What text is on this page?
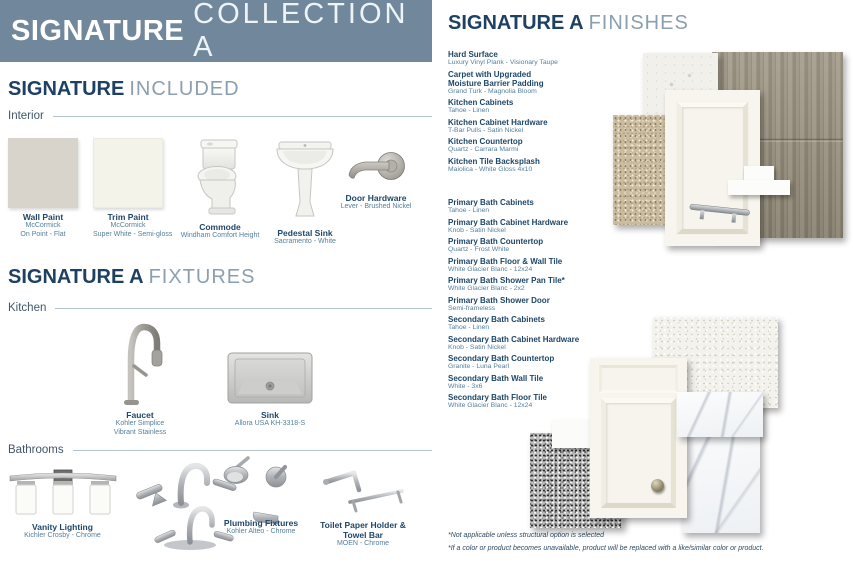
SIGNATURE
COLLECTION A
SIGNATURE INCLUDED
Interior
Wall Paint
McCormick
On Point - Flat
Trim Paint
McCormick
Super White - Semi-gloss
Commode
Windham Comfort Height	Pedestal Sink
Sacramento - White
Door Hardware
Lever - Brushed Nickel
SIGNATURE A FIXTURES
Kitchen
Faucet
Kohler Simplice
Vibrant Stainless
Sink
Allora USA KH-3318-S
Bathrooms
Vanity Lighting
Kichler Crosby - Chrome
Plumbing Fixtures
Kohler Alteo - Chrome
Toilet Paper Holder &
Towel Bar
MOEN - Chrome
SIGNATURE A FINISHES
Hard Surface
Luxury Vinyl Plank - Visionary Taupe
Carpet with Upgraded
Moisture Barrier Padding
Grand Turk - Magnolia Bloom
Kitchen Cabinets
Tahoe - Linen
Kitchen Cabinet Hardware
T-Bar Pulls - Satin Nickel
Kitchen Countertop
Quartz - Carrara Marmi
Kitchen Tile Backsplash
Maiolica - White Gloss 4x10
Primary Bath Cabinets
Tahoe - Linen
Primary Bath Cabinet Hardware
Knob - Satin Nickel
Primary Bath Countertop
Quartz - Frost White
Primary Bath Floor & Wall Tile
White Glacier Blanc - 12x24
Primary Bath Shower Pan Tile*
White Glacier Blanc - 2x2
Primary Bath Shower Door
Semi-frameless
Secondary Bath Cabinets
Tahoe - Linen
Secondary Bath Cabinet Hardware
Knob - Satin Nickel
Secondary Bath Countertop
Granite - Luna Pearl
Secondary Bath Wall Tile
White - 3x6
Secondary Bath Floor Tile
White Glacier Blanc - 12x24
*Not applicable unless structural option is selected
*If a color or product becomes unavailable, product will be replaced with a like/similar color or product.
